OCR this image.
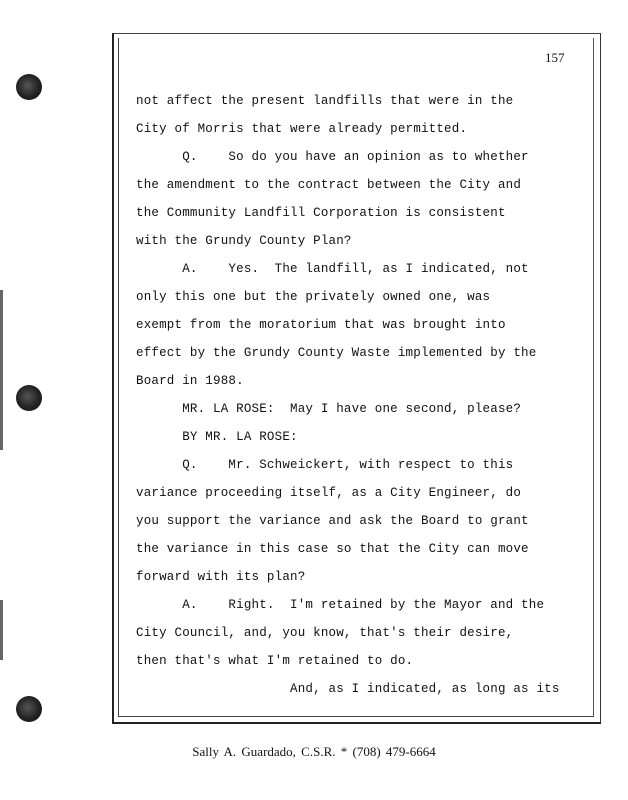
157
not affect the present landfills that were in the
City of Morris that were already permitted.
Q.    So do you have an opinion as to whether
the amendment to the contract between the City and
the Community Landfill Corporation is consistent
with the Grundy County Plan?
A.    Yes.  The landfill, as I indicated, not
only this one but the privately owned one, was
exempt from the moratorium that was brought into
effect by the Grundy County Waste implemented by the
Board in 1988.
MR. LA ROSE:  May I have one second, please?
BY MR. LA ROSE:
Q.    Mr. Schweickert, with respect to this
variance proceeding itself, as a City Engineer, do
you support the variance and ask the Board to grant
the variance in this case so that the City can move
forward with its plan?
A.    Right.  I'm retained by the Mayor and the
City Council, and, you know, that's their desire,
then that's what I'm retained to do.
And, as I indicated, as long as its
Sally A. Guardado, C.S.R. * (708) 479-6664
